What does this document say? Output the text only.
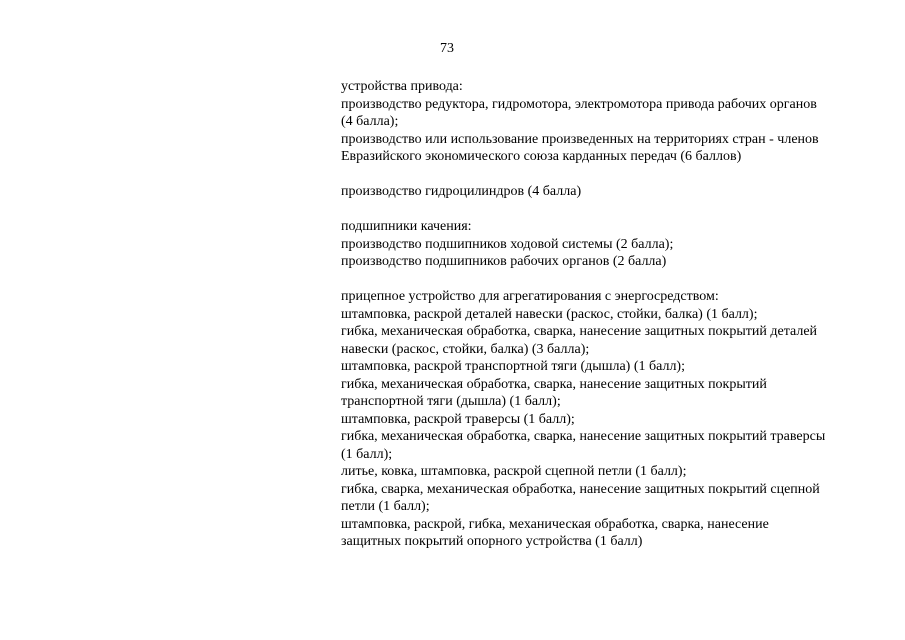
73
устройства привода:
производство редуктора, гидромотора, электромотора привода рабочих органов
(4 балла);
производство или использование произведенных на территориях стран - членов
Евразийского экономического союза карданных передач (6 баллов)
производство гидроцилиндров (4 балла)
подшипники качения:
производство подшипников ходовой системы (2 балла);
производство подшипников рабочих органов (2 балла)
прицепное устройство для агрегатирования с энергосредством:
штамповка, раскрой деталей навески (раскос, стойки, балка) (1 балл);
гибка, механическая обработка, сварка, нанесение защитных покрытий деталей
навески (раскос, стойки, балка) (3 балла);
штамповка, раскрой транспортной тяги (дышла) (1 балл);
гибка, механическая обработка, сварка, нанесение защитных покрытий
транспортной тяги (дышла) (1 балл);
штамповка, раскрой траверсы (1 балл);
гибка, механическая обработка, сварка, нанесение защитных покрытий траверсы
(1 балл);
литье, ковка, штамповка, раскрой сцепной петли (1 балл);
гибка, сварка, механическая обработка, нанесение защитных покрытий сцепной
петли (1 балл);
штамповка, раскрой, гибка, механическая обработка, сварка, нанесение
защитных покрытий опорного устройства (1 балл)
